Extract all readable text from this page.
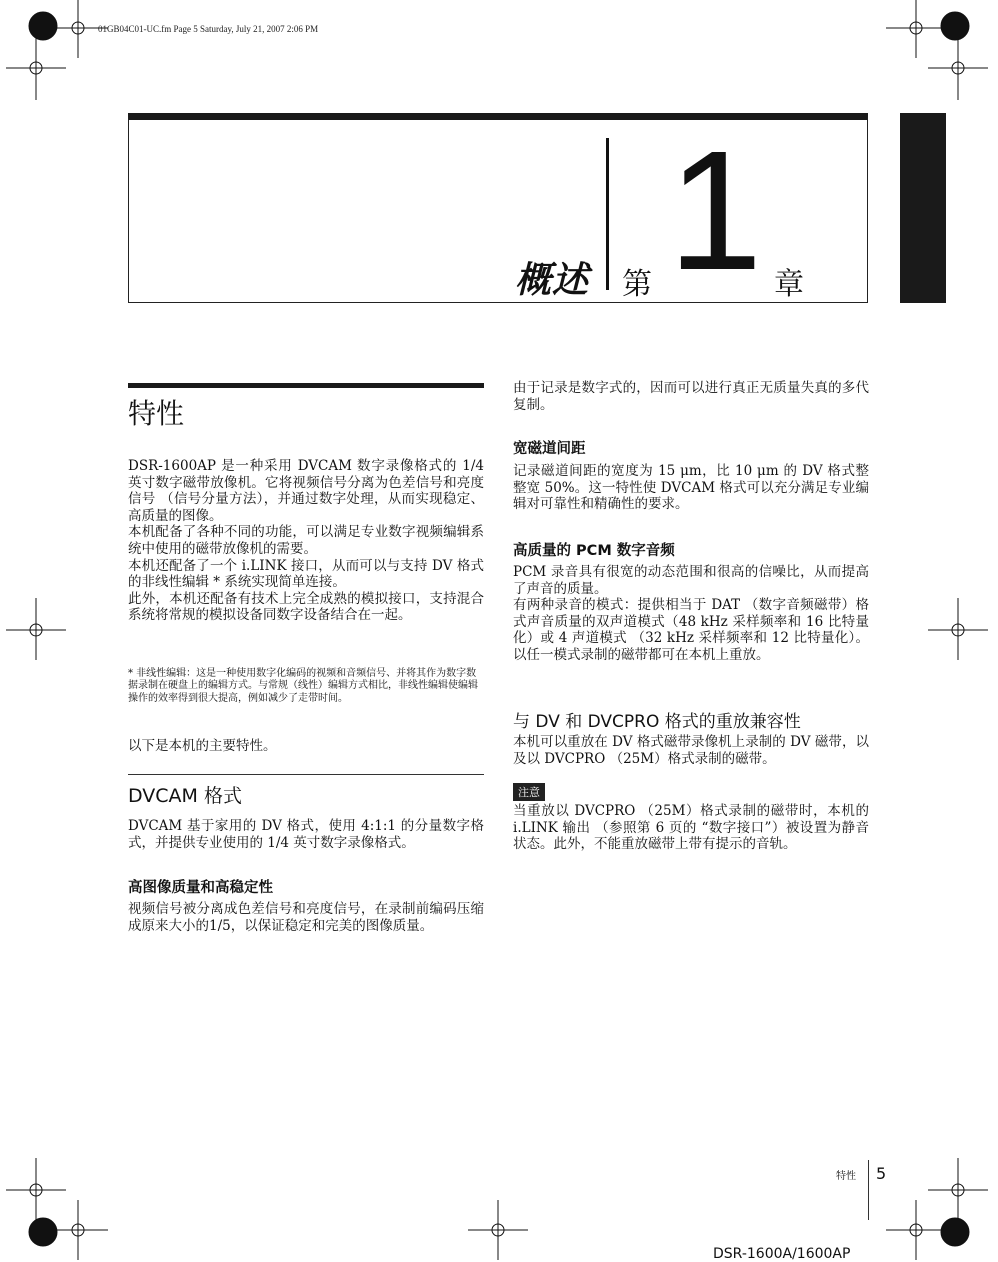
01GB04C01-UC.fm Page 5 Saturday, July 21, 2007 2:06 PM
概述 第 1 章
特性

DSR-1600AP 是一种采用 DVCAM 数字录像格式的 1/4 英寸数字磁带放像机。它将视频信号分离为色差信号和亮度信号 （信号分量方法），并通过数字处理，从而实现稳定、高质量的图像。

本机配备了各种不同的功能，可以满足专业数字视频编辑系统中使用的磁带放像机的需要。

本机还配备了一个 i.LINK 接口，从而可以与支持 DV 格式的非线性编辑 * 系统实现简单连接。

此外，本机还配备有技术上完全成熟的模拟接口，支持混合系统将常规的模拟设备同数字设备结合在一起。

* 非线性编辑：这是一种使用数字化编码的视频和音频信号、并将其作为数字数据录制在硬盘上的编辑方式。与常规（线性）编辑方式相比，非线性编辑使编辑操作的效率得到很大提高，例如减少了走带时间。
以下是本机的主要特性。
DVCAM 格式
DVCAM 基于家用的 DV 格式，使用 4:1:1 的分量数字格式，并提供专业使用的 1/4 英寸数字录像格式。
高图像质量和高稳定性
视频信号被分离成色差信号和亮度信号，在录制前编码压缩成原来大小的1/5，以保证稳定和完美的图像质量。
由于记录是数字式的，因而可以进行真正无质量失真的多代复制。
宽磁道间距
记录磁道间距的宽度为 15 μm，比 10 μm 的 DV 格式整整宽 50%。这一特性使 DVCAM 格式可以充分满足专业编辑对可靠性和精确性的要求。
高质量的 PCM 数字音频

PCM 录音具有很宽的动态范围和很高的信噪比，从而提高了声音的质量。

有两种录音的模式：提供相当于 DAT （数字音频磁带）格式声音质量的双声道模式（48 kHz 采样频率和 16 比特量化）或 4 声道模式 （32 kHz 采样频率和 12 比特量化）。以任一模式录制的磁带都可在本机上重放。

与 DV 和 DVCPRO 格式的重放兼容性
本机可以重放在 DV 格式磁带录像机上录制的 DV 磁带，以及以 DVCPRO （25M）格式录制的磁带。
注意
当重放以 DVCPRO （25M）格式录制的磁带时，本机的 i.LINK 输出 （参照第 6 页的 “数字接口”）被设置为静音状态。此外，不能重放磁带上带有提示的音轨。
特性 5
DSR-1600A/1600AP
